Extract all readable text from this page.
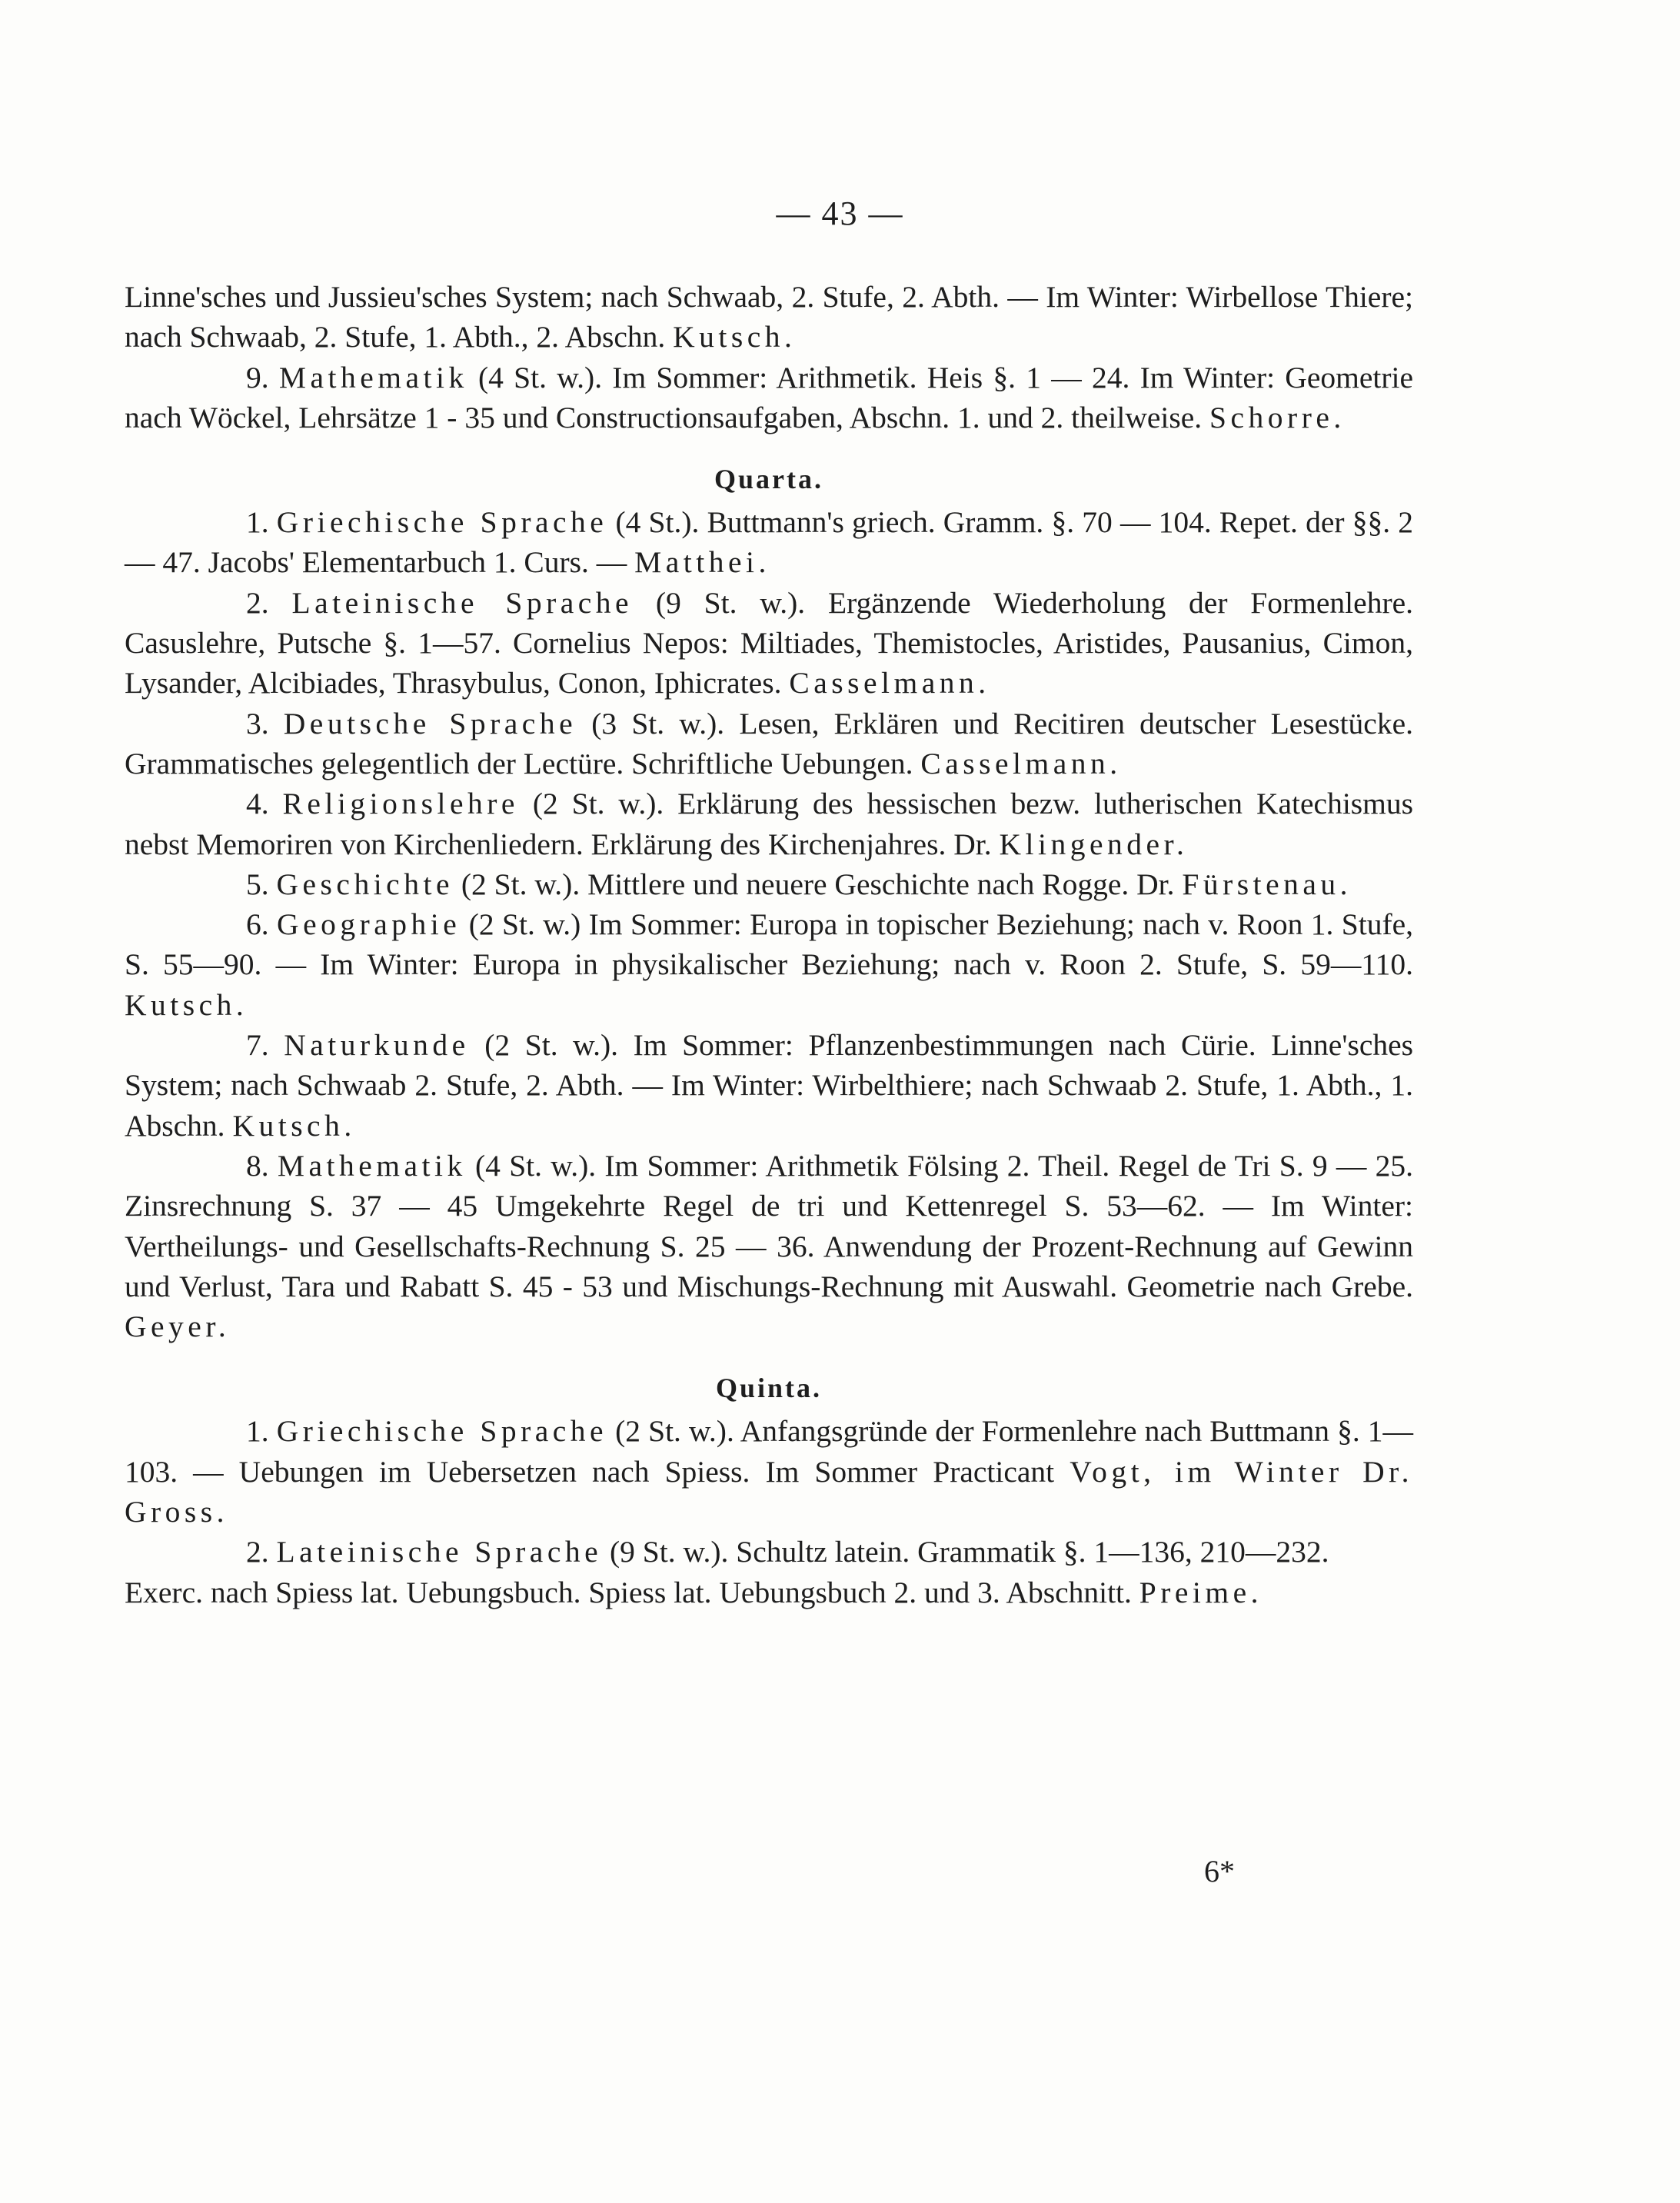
— 43 —

Linne'sches und Jussieu'sches System; nach Schwaab, 2. Stufe, 2. Abth. — Im Winter: Wirbellose Thiere; nach Schwaab, 2. Stufe, 1. Abth., 2. Abschn. Kutsch.

9. Mathematik (4 St. w.). Im Sommer: Arithmetik. Heis §. 1 — 24. Im Winter: Geometrie nach Wöckel, Lehrsätze 1 - 35 und Constructionsaufgaben, Abschn. 1. und 2. theilweise. Schorre.

Quarta.

1. Griechische Sprache (4 St.). Buttmann's griech. Gramm. §. 70 — 104. Repet. der §§. 2 — 47. Jacobs' Elementarbuch 1. Curs. — Matthei.

2. Lateinische Sprache (9 St. w.). Ergänzende Wiederholung der Formenlehre. Casuslehre, Putsche §. 1—57. Cornelius Nepos: Miltiades, Themistocles, Aristides, Pausanius, Cimon, Lysander, Alcibiades, Thrasybulus, Conon, Iphicrates. Casselmann.

3. Deutsche Sprache (3 St. w.). Lesen, Erklären und Recitiren deutscher Lesestücke. Grammatisches gelegentlich der Lectüre. Schriftliche Uebungen. Casselmann.

4. Religionslehre (2 St. w.). Erklärung des hessischen bezw. lutherischen Katechismus nebst Memoriren von Kirchenliedern. Erklärung des Kirchenjahres. Dr. Klingender.

5. Geschichte (2 St. w.). Mittlere und neuere Geschichte nach Rogge. Dr. Fürstenau.

6. Geographie (2 St. w.) Im Sommer: Europa in topischer Beziehung; nach v. Roon 1. Stufe, S. 55—90. — Im Winter: Europa in physikalischer Beziehung; nach v. Roon 2. Stufe, S. 59—110. Kutsch.

7. Naturkunde (2 St. w.). Im Sommer: Pflanzenbestimmungen nach Cürie. Linne'sches System; nach Schwaab 2. Stufe, 2. Abth. — Im Winter: Wirbelthiere; nach Schwaab 2. Stufe, 1. Abth., 1. Abschn. Kutsch.

8. Mathematik (4 St. w.). Im Sommer: Arithmetik Fölsing 2. Theil. Regel de Tri S. 9 — 25. Zinsrechnung S. 37 — 45 Umgekehrte Regel de tri und Kettenregel S. 53—62. — Im Winter: Vertheilungs- und Gesellschafts-Rechnung S. 25 — 36. Anwendung der Prozent-Rechnung auf Gewinn und Verlust, Tara und Rabatt S. 45 - 53 und Mischungs-Rechnung mit Auswahl. Geometrie nach Grebe. Geyer.

Quinta.

1. Griechische Sprache (2 St. w.). Anfangsgründe der Formenlehre nach Buttmann §. 1—103. — Uebungen im Uebersetzen nach Spiess. Im Sommer Practicant Vogt, im Winter Dr. Gross.

2. Lateinische Sprache (9 St. w.). Schultz latein. Grammatik §. 1—136, 210—232. Exerc. nach Spiess lat. Uebungsbuch. Spiess lat. Uebungsbuch 2. und 3. Abschnitt. Preime.

6*
